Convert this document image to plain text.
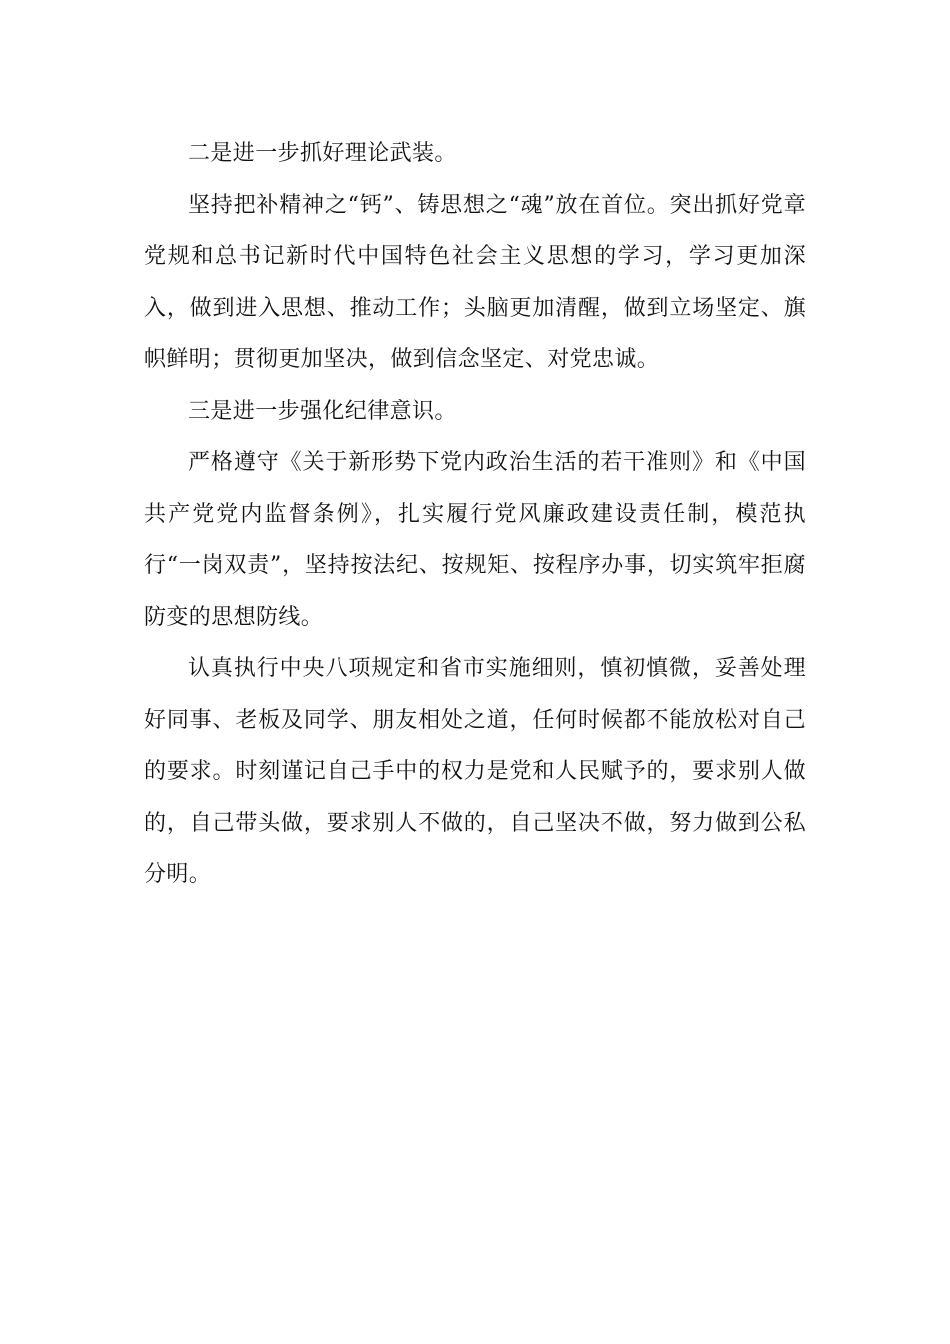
二是进一步抓好理论武装。

坚持把补精神之“钙”、铸思想之“魂”放在首位。突出抓好党章党规和总书记新时代中国特色社会主义思想的学习，学习更加深入，做到进入思想、推动工作；头脑更加清醒，做到立场坚定、旗帜鲜明；贯彻更加坚决，做到信念坚定、对党忠诚。

三是进一步强化纪律意识。

严格遵守《关于新形势下党内政治生活的若干准则》和《中国共产党党内监督条例》，扎实履行党风廉政建设责任制，模范执行“一岗双责”，坚持按法纪、按规矩、按程序办事，切实筑牢拒腐防变的思想防线。

认真执行中央八项规定和省市实施细则，慎初慎微，妥善处理好同事、老板及同学、朋友相处之道，任何时候都不能放松对自己的要求。时刻谨记自己手中的权力是党和人民赋予的，要求别人做的，自己带头做，要求别人不做的，自己坚决不做，努力做到公私分明。
